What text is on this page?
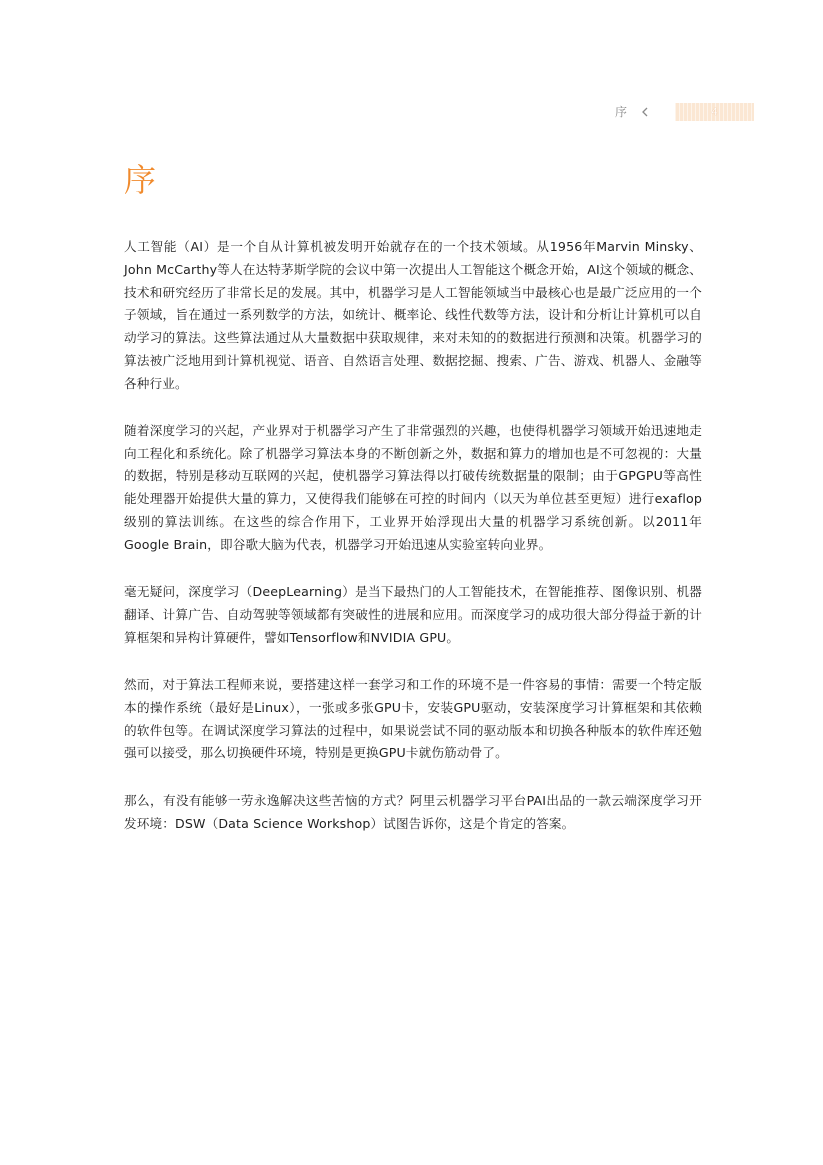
序	4
序

人工智能（AI）是一个自从计算机被发明开始就存在的一个技术领域。从1956年Marvin Minsky、John McCarthy等人在达特茅斯学院的会议中第一次提出人工智能这个概念开始，AI这个领域的概念、技术和研究经历了非常长足的发展。其中，机器学习是人工智能领域当中最核心也是最广泛应用的一个子领域，旨在通过一系列数学的方法，如统计、概率论、线性代数等方法，设计和分析让计算机可以自动学习的算法。这些算法通过从大量数据中获取规律，来对未知的的数据进行预测和决策。机器学习的算法被广泛地用到计算机视觉、语音、自然语言处理、数据挖掘、搜索、广告、游戏、机器人、金融等各种行业。

随着深度学习的兴起，产业界对于机器学习产生了非常强烈的兴趣，也使得机器学习领域开始迅速地走向工程化和系统化。除了机器学习算法本身的不断创新之外，数据和算力的增加也是不可忽视的：大量的数据，特别是移动互联网的兴起，使机器学习算法得以打破传统数据量的限制；由于GPGPU等高性能处理器开始提供大量的算力，又使得我们能够在可控的时间内（以天为单位甚至更短）进行exaflop级别的算法训练。在这些的综合作用下，工业界开始浮现出大量的机器学习系统创新。以2011年Google Brain，即谷歌大脑为代表，机器学习开始迅速从实验室转向业界。

毫无疑问，深度学习（DeepLearning）是当下最热门的人工智能技术，在智能推荐、图像识别、机器翻译、计算广告、自动驾驶等领域都有突破性的进展和应用。而深度学习的成功很大部分得益于新的计算框架和异构计算硬件，譬如Tensorflow和NVIDIA GPU。

然而，对于算法工程师来说，要搭建这样一套学习和工作的环境不是一件容易的事情：需要一个特定版本的操作系统（最好是Linux），一张或多张GPU卡，安装GPU驱动，安装深度学习计算框架和其依赖的软件包等。在调试深度学习算法的过程中，如果说尝试不同的驱动版本和切换各种版本的软件库还勉强可以接受，那么切换硬件环境，特别是更换GPU卡就伤筋动骨了。

那么，有没有能够一劳永逸解决这些苦恼的方式？阿里云机器学习平台PAI出品的一款云端深度学习开发环境：DSW（Data Science Workshop）试图告诉你，这是个肯定的答案。
